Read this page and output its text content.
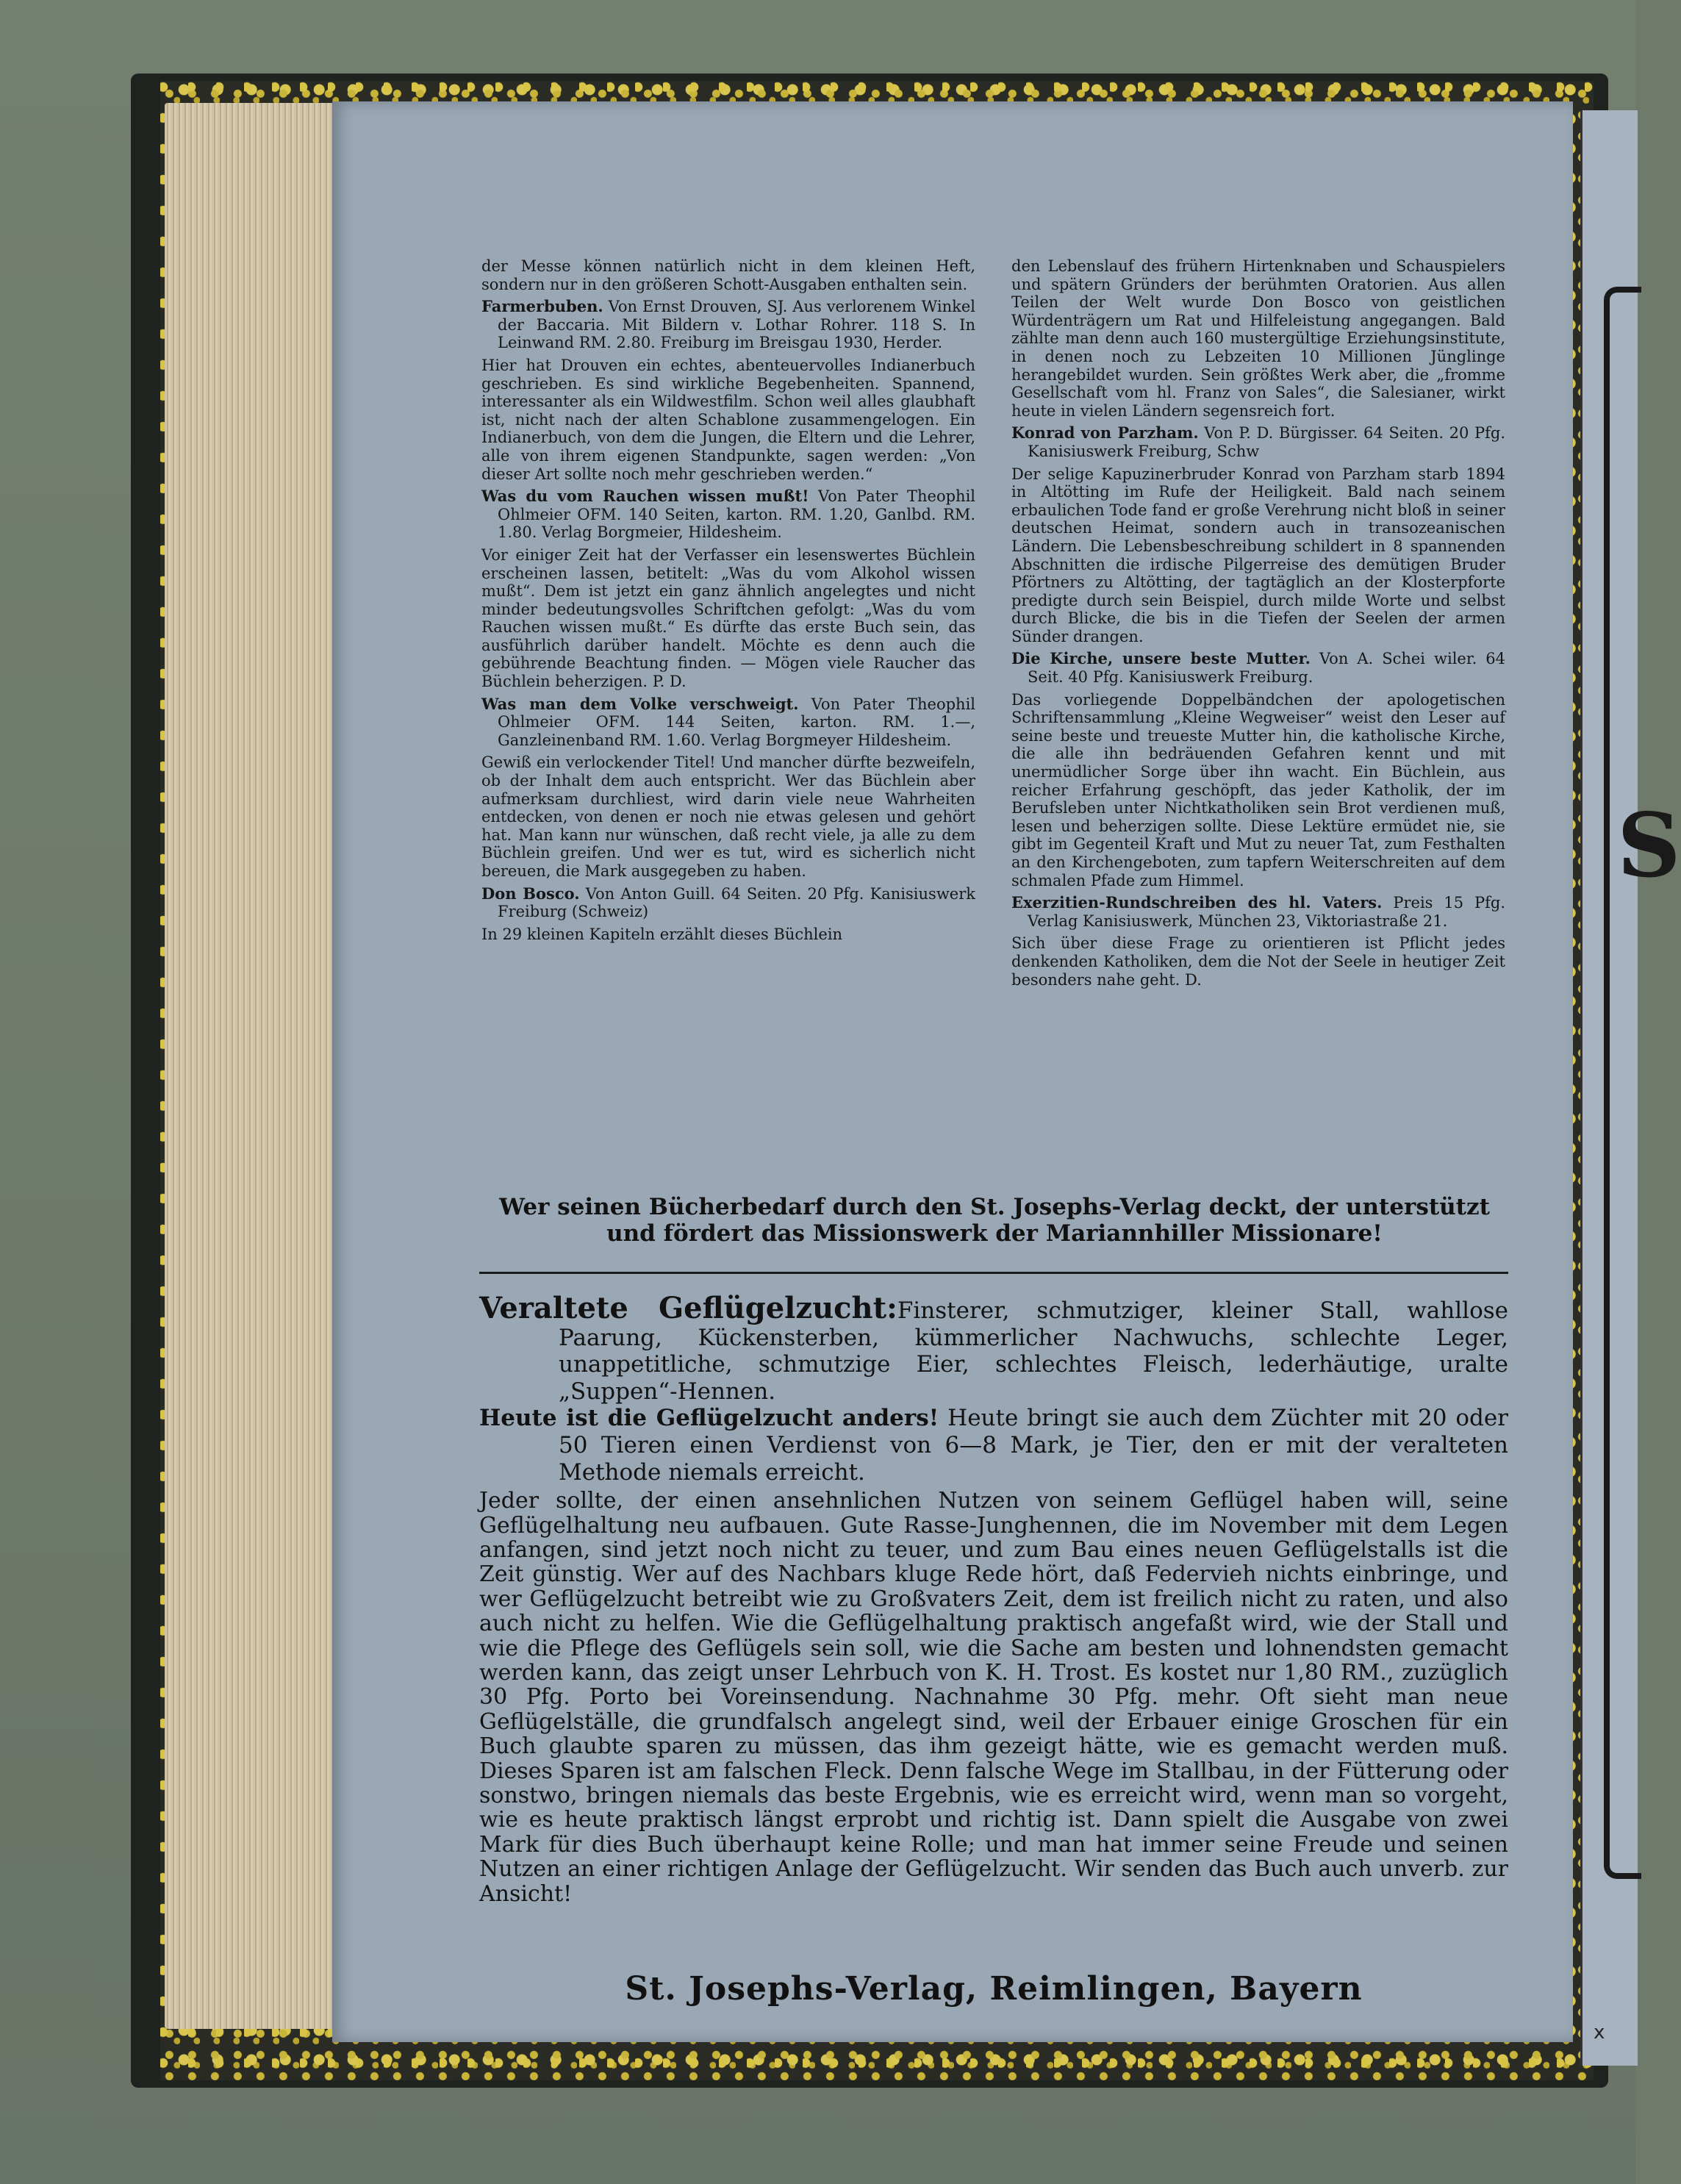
S
x

der Messe können natürlich nicht in dem kleinen Heft, sondern nur in den größeren Schott-Ausgaben enthalten sein.

Farmerbuben. Von Ernst Drouven, SJ. Aus verlorenem Winkel der Baccaria. Mit Bildern v. Lothar Rohrer. 118 S. In Leinwand RM. 2.80. Freiburg im Breisgau 1930, Herder.

Hier hat Drouven ein echtes, abenteuervolles Indianerbuch geschrieben. Es sind wirkliche Begebenheiten. Spannend, interessanter als ein Wildwestfilm. Schon weil alles glaubhaft ist, nicht nach der alten Schablone zusammengelogen. Ein Indianerbuch, von dem die Jungen, die Eltern und die Lehrer, alle von ihrem eigenen Standpunkte, sagen werden: „Von dieser Art sollte noch mehr geschrieben werden.“

Was du vom Rauchen wissen mußt! Von Pater Theophil Ohlmeier OFM. 140 Seiten, karton. RM. 1.20, Ganlbd. RM. 1.80. Verlag Borgmeier, Hildesheim.

Vor einiger Zeit hat der Verfasser ein lesenswertes Büchlein erscheinen lassen, betitelt: „Was du vom Alkohol wissen mußt“. Dem ist jetzt ein ganz ähnlich angelegtes und nicht minder bedeutungsvolles Schriftchen gefolgt: „Was du vom Rauchen wissen mußt.“ Es dürfte das erste Buch sein, das ausführlich darüber handelt. Möchte es denn auch die gebührende Beachtung finden. — Mögen viele Raucher das Büchlein beherzigen. P. D.

Was man dem Volke verschweigt. Von Pater Theophil Ohlmeier OFM. 144 Seiten, karton. RM. 1.—, Ganzleinenband RM. 1.60. Verlag Borgmeyer Hildesheim.

Gewiß ein verlockender Titel! Und mancher dürfte bezweifeln, ob der Inhalt dem auch entspricht. Wer das Büchlein aber aufmerksam durchliest, wird darin viele neue Wahrheiten entdecken, von denen er noch nie etwas gelesen und gehört hat. Man kann nur wünschen, daß recht viele, ja alle zu dem Büchlein greifen. Und wer es tut, wird es sicherlich nicht bereuen, die Mark ausgegeben zu haben.

Don Bosco. Von Anton Guill. 64 Seiten. 20 Pfg. Kanisiuswerk Freiburg (Schweiz)

In 29 kleinen Kapiteln erzählt dieses Büchlein

den Lebenslauf des frühern Hirtenknaben und Schauspielers und spätern Gründers der berühmten Oratorien. Aus allen Teilen der Welt wurde Don Bosco von geistlichen Würdenträgern um Rat und Hilfeleistung angegangen. Bald zählte man denn auch 160 mustergültige Erziehungsinstitute, in denen noch zu Lebzeiten 10 Millionen Jünglinge herangebildet wurden. Sein größtes Werk aber, die „fromme Gesellschaft vom hl. Franz von Sales“, die Salesianer, wirkt heute in vielen Ländern segensreich fort.

Konrad von Parzham. Von P. D. Bürgisser. 64 Seiten. 20 Pfg. Kanisiuswerk Freiburg, Schw

Der selige Kapuzinerbruder Konrad von Parzham starb 1894 in Altötting im Rufe der Heiligkeit. Bald nach seinem erbaulichen Tode fand er große Verehrung nicht bloß in seiner deutschen Heimat, sondern auch in transozeanischen Ländern. Die Lebensbeschreibung schildert in 8 spannenden Abschnitten die irdische Pilgerreise des demütigen Bruder Pförtners zu Altötting, der tagtäglich an der Klosterpforte predigte durch sein Beispiel, durch milde Worte und selbst durch Blicke, die bis in die Tiefen der Seelen der armen Sünder drangen.

Die Kirche, unsere beste Mutter. Von A. Schei wiler. 64 Seit. 40 Pfg. Kanisiuswerk Freiburg.

Das vorliegende Doppelbändchen der apologetischen Schriftensammlung „Kleine Wegweiser“ weist den Leser auf seine beste und treueste Mutter hin, die katholische Kirche, die alle ihn bedräuenden Gefahren kennt und mit unermüdlicher Sorge über ihn wacht. Ein Büchlein, aus reicher Erfahrung geschöpft, das jeder Katholik, der im Berufsleben unter Nichtkatholiken sein Brot verdienen muß, lesen und beherzigen sollte. Diese Lektüre ermüdet nie, sie gibt im Gegenteil Kraft und Mut zu neuer Tat, zum Festhalten an den Kirchengeboten, zum tapfern Weiterschreiten auf dem schmalen Pfade zum Himmel.

Exerzitien-Rundschreiben des hl. Vaters. Preis 15 Pfg. Verlag Kanisiuswerk, München 23, Viktoriastraße 21.

Sich über diese Frage zu orientieren ist Pflicht jedes denkenden Katholiken, dem die Not der Seele in heutiger Zeit besonders nahe geht. D.

Wer seinen Bücherbedarf durch den St. Josephs-Verlag deckt, der unterstützt und fördert das Missionswerk der Mariannhiller Missionare!

Veraltete Geflügelzucht:Finsterer, schmutziger, kleiner Stall, wahllose Paarung, Kückensterben, kümmerlicher Nachwuchs, schlechte Leger, unappetitliche, schmutzige Eier, schlechtes Fleisch, lederhäutige, uralte „Suppen“-Hennen.

Heute ist die Geflügelzucht anders! Heute bringt sie auch dem Züchter mit 20 oder 50 Tieren einen Verdienst von 6—8 Mark, je Tier, den er mit der veralteten Methode niemals erreicht.

Jeder sollte, der einen ansehnlichen Nutzen von seinem Geflügel haben will, seine Geflügelhaltung neu aufbauen. Gute Rasse-Junghennen, die im November mit dem Legen anfangen, sind jetzt noch nicht zu teuer, und zum Bau eines neuen Geflügelstalls ist die Zeit günstig. Wer auf des Nachbars kluge Rede hört, daß Federvieh nichts einbringe, und wer Geflügelzucht betreibt wie zu Großvaters Zeit, dem ist freilich nicht zu raten, und also auch nicht zu helfen. Wie die Geflügelhaltung praktisch angefaßt wird, wie der Stall und wie die Pflege des Geflügels sein soll, wie die Sache am besten und lohnendsten gemacht werden kann, das zeigt unser Lehrbuch von K. H. Trost. Es kostet nur 1,80 RM., zuzüglich 30 Pfg. Porto bei Voreinsendung. Nachnahme 30 Pfg. mehr. Oft sieht man neue Geflügelställe, die grundfalsch angelegt sind, weil der Erbauer einige Groschen für ein Buch glaubte sparen zu müssen, das ihm gezeigt hätte, wie es gemacht werden muß. Dieses Sparen ist am falschen Fleck. Denn falsche Wege im Stallbau, in der Fütterung oder sonstwo, bringen niemals das beste Ergebnis, wie es erreicht wird, wenn man so vorgeht, wie es heute praktisch längst erprobt und richtig ist. Dann spielt die Ausgabe von zwei Mark für dies Buch überhaupt keine Rolle; und man hat immer seine Freude und seinen Nutzen an einer richtigen Anlage der Geflügelzucht. Wir senden das Buch auch unverb. zur Ansicht!

St. Josephs-Verlag, Reimlingen, Bayern
